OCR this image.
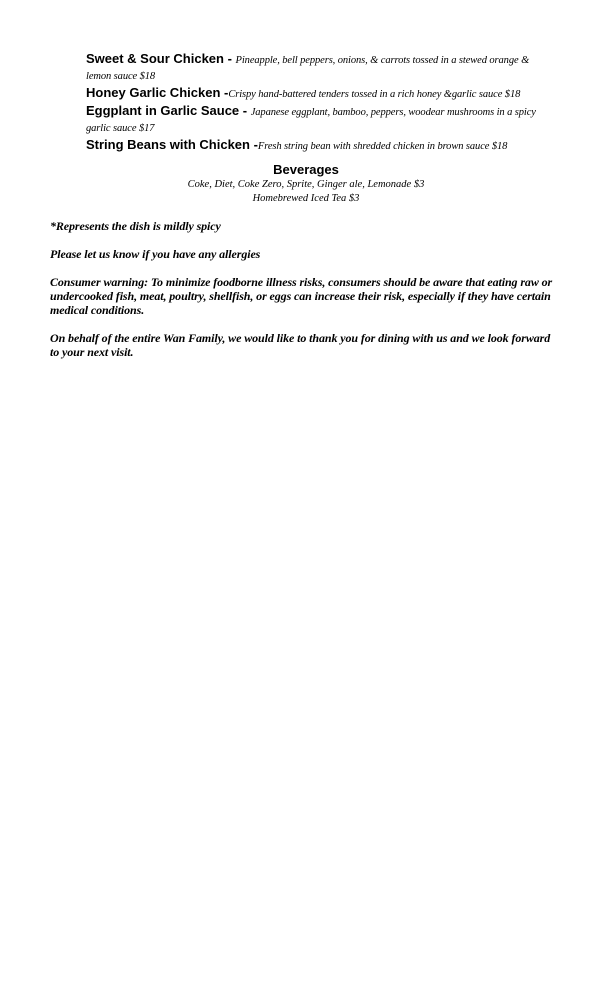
Sweet & Sour Chicken - Pineapple, bell peppers, onions, & carrots tossed in a stewed orange & lemon sauce $18
Honey Garlic Chicken -Crispy hand-battered tenders tossed in a rich honey &garlic sauce $18
Eggplant in Garlic Sauce - Japanese eggplant, bamboo, peppers, woodear mushrooms in a spicy garlic sauce $17
String Beans with Chicken -Fresh string bean with shredded chicken in brown sauce $18
Beverages
Coke, Diet, Coke Zero, Sprite, Ginger ale, Lemonade $3
Homebrewed Iced Tea $3

*Represents the dish is mildly spicy

Please let us know if you have any allergies

Consumer warning: To minimize foodborne illness risks, consumers should be aware that eating raw or undercooked fish, meat, poultry, shellfish, or eggs can increase their risk, especially if they have certain medical conditions.

On behalf of the entire Wan Family, we would like to thank you for dining with us and we look forward to your next visit.
